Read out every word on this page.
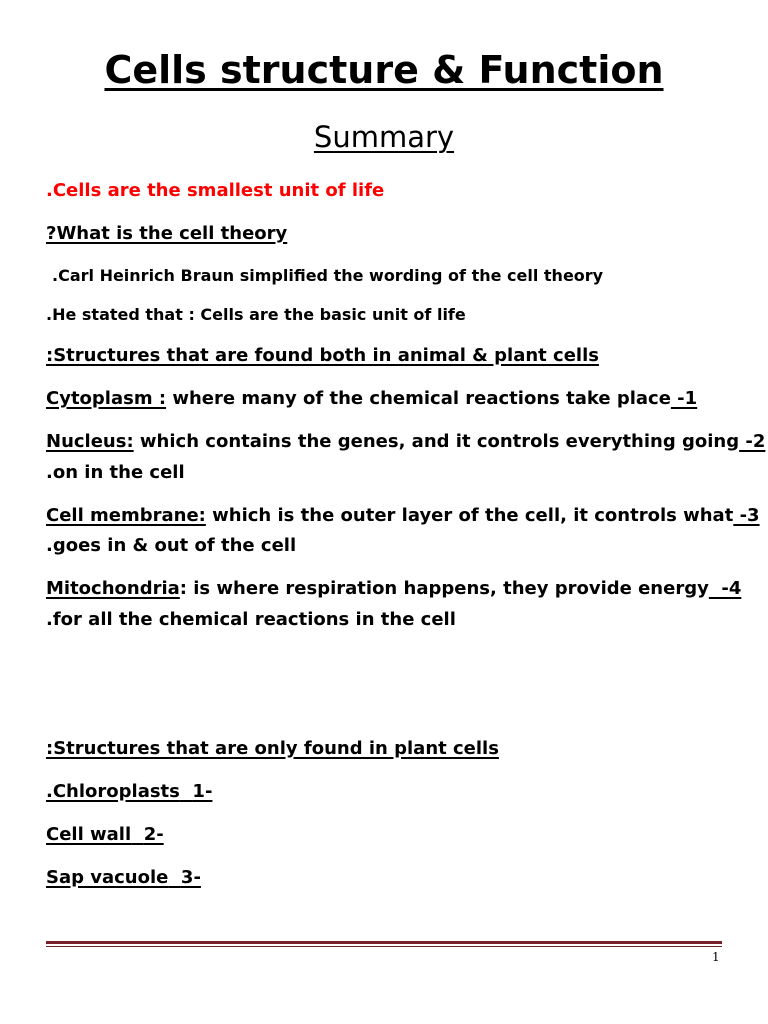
Cells structure & Function
Summary
.Cells are the smallest unit of life
?What is the cell theory
.Carl Heinrich Braun simplified the wording of the cell theory
.He stated that : Cells are the basic unit of life
:Structures that are found both in animal & plant cells
Cytoplasm : where many of the chemical reactions take place -1
Nucleus: which contains the genes, and it controls everything going -2
.on in the cell
Cell membrane: which is the outer layer of the cell, it controls what -3
.goes in & out of the cell
Mitochondria: is where respiration happens, they provide energy  -4
.for all the chemical reactions in the cell
:Structures that are only found in plant cells
.Chloroplasts 1-
Cell wall 2-
Sap vacuole 3-
1
